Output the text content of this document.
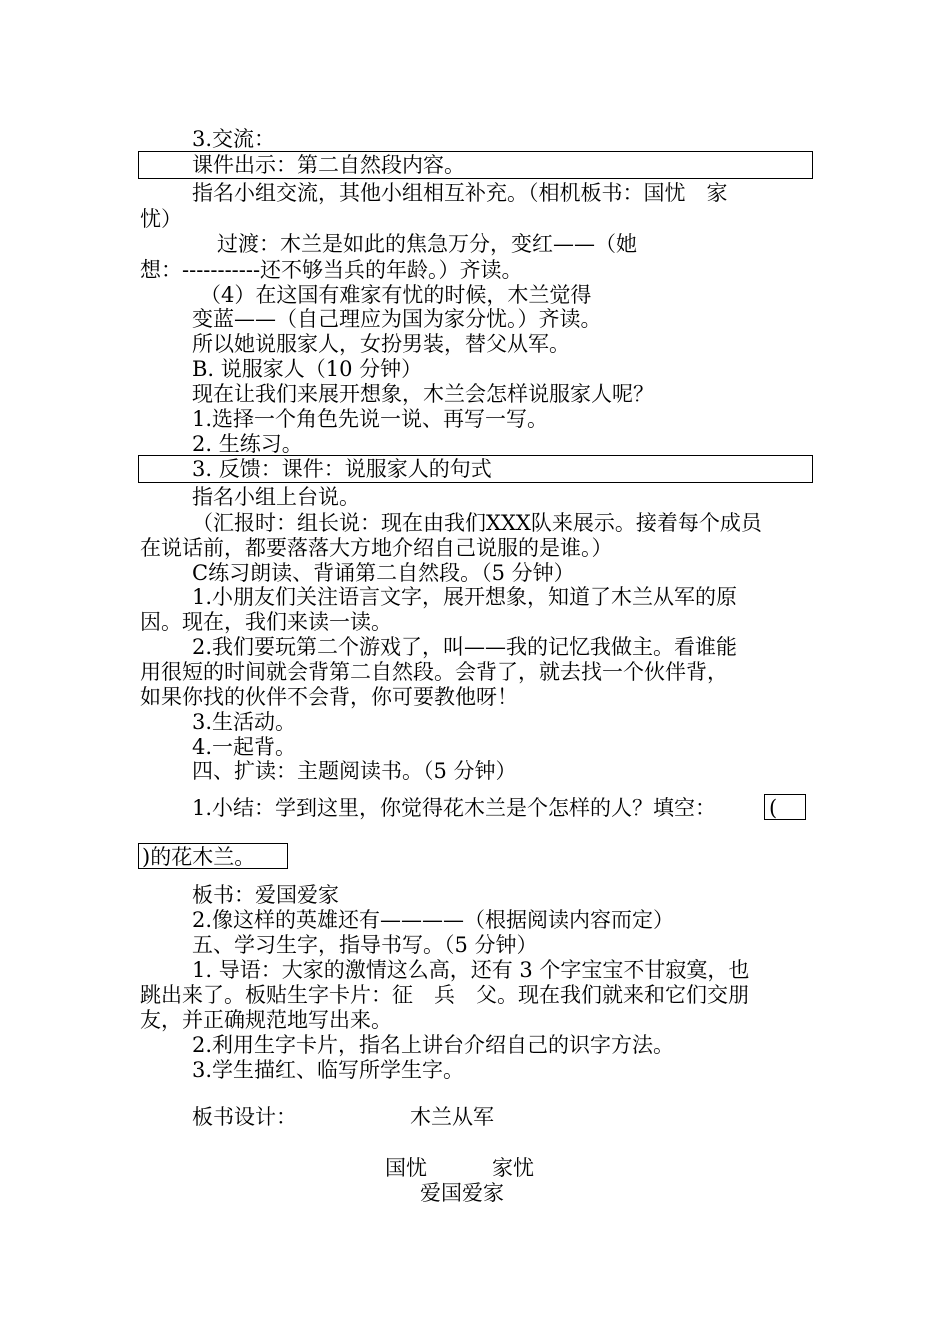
3.交流：
课件出示：第二自然段内容。
指名小组交流，其他小组相互补充。（相机板书：国忧　家
忧）
过渡：木兰是如此的焦急万分，变红——（她
想：-----------还不够当兵的年龄。）齐读。
（4）在这国有难家有忧的时候，木兰觉得
变蓝——（自己理应为国为家分忧。）齐读。
所以她说服家人，女扮男装，替父从军。
B. 说服家人（10 分钟）
现在让我们来展开想象，木兰会怎样说服家人呢？
1.选择一个角色先说一说、再写一写。
2. 生练习。
3. 反馈：课件：说服家人的句式
指名小组上台说。
（汇报时：组长说：现在由我们XXX队来展示。接着每个成员
在说话前，都要落落大方地介绍自己说服的是谁。）
C练习朗读、背诵第二自然段。（5 分钟）
1.小朋友们关注语言文字，展开想象，知道了木兰从军的原
因。现在，我们来读一读。
2.我们要玩第二个游戏了，叫——我的记忆我做主。看谁能
用很短的时间就会背第二自然段。会背了，就去找一个伙伴背，
如果你找的伙伴不会背，你可要教他呀！
3.生活动。
4.一起背。
四、扩读：主题阅读书。（5 分钟）
1.小结：学到这里，你觉得花木兰是个怎样的人？填空：	(
)的花木兰。
板书：爱国爱家
2.像这样的英雄还有————（根据阅读内容而定）
五、学习生字，指导书写。（5 分钟）
1. 导语：大家的激情这么高，还有 3 个字宝宝不甘寂寞，也
跳出来了。板贴生字卡片：征　兵　父。现在我们就来和它们交朋
友，并正确规范地写出来。
2.利用生字卡片，指名上讲台介绍自己的识字方法。
3.学生描红、临写所学生字。
板书设计：	木兰从军
国忧	家忧
爱国爱家
